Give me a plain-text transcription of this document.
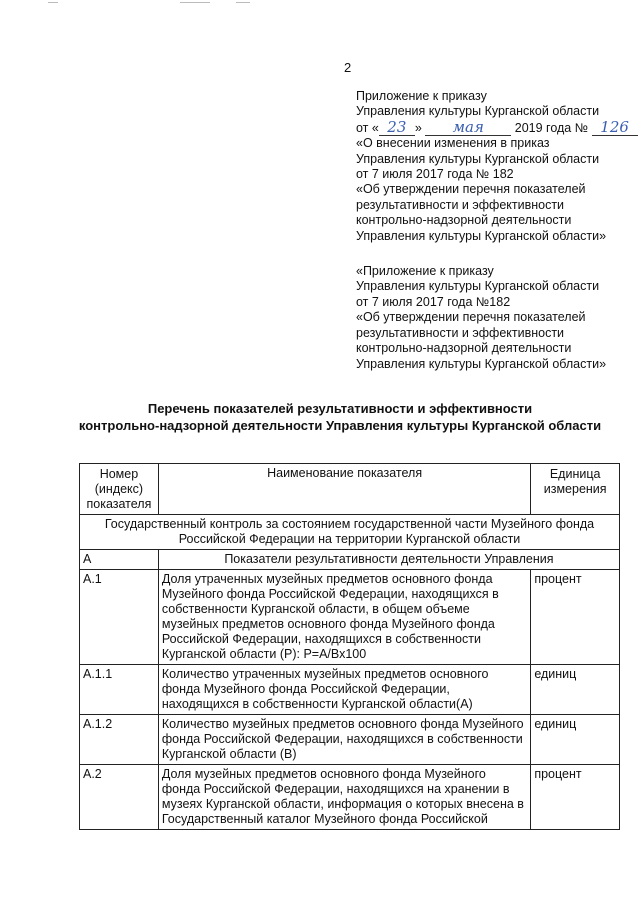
2
Приложение к приказу
Управления культуры Курганской области
от « 23 » мая 2019 года № 126
«О внесении изменения в приказ
Управления культуры Курганской области
от 7 июля 2017 года № 182
«Об утверждении перечня показателей
результативности и эффективности
контрольно-надзорной деятельности
Управления культуры Курганской области»
«Приложение к приказу
Управления культуры Курганской области
от 7 июля 2017 года №182
«Об утверждении перечня показателей
результативности и эффективности
контрольно-надзорной деятельности
Управления культуры Курганской области»
Перечень показателей результативности и эффективности
контрольно-надзорной деятельности Управления культуры Курганской области
Номер (индекс) показателя	Наименование показателя	Единица измерения
Государственный контроль за состоянием государственной части Музейного фонда Российской Федерации на территории Курганской области		
А	Показатели результативности деятельности Управления	
А.1	Доля утраченных музейных предметов основного фонда Музейного фонда Российской Федерации, находящихся в собственности Курганской области, в общем объеме музейных предметов основного фонда Музейного фонда Российской Федерации, находящихся в собственности Курганской области (Р): Р=А/Вх100	процент
А.1.1	Количество утраченных музейных предметов основного фонда Музейного фонда Российской Федерации, находящихся в собственности Курганской области(А)	единиц
А.1.2	Количество музейных предметов основного фонда Музейного фонда Российской Федерации, находящихся в собственности Курганской области (В)	единиц
А.2	Доля музейных предметов основного фонда Музейного фонда Российской Федерации, находящихся на хранении в музеях Курганской области, информация о которых внесена в Государственный каталог Музейного фонда Российской	процент
